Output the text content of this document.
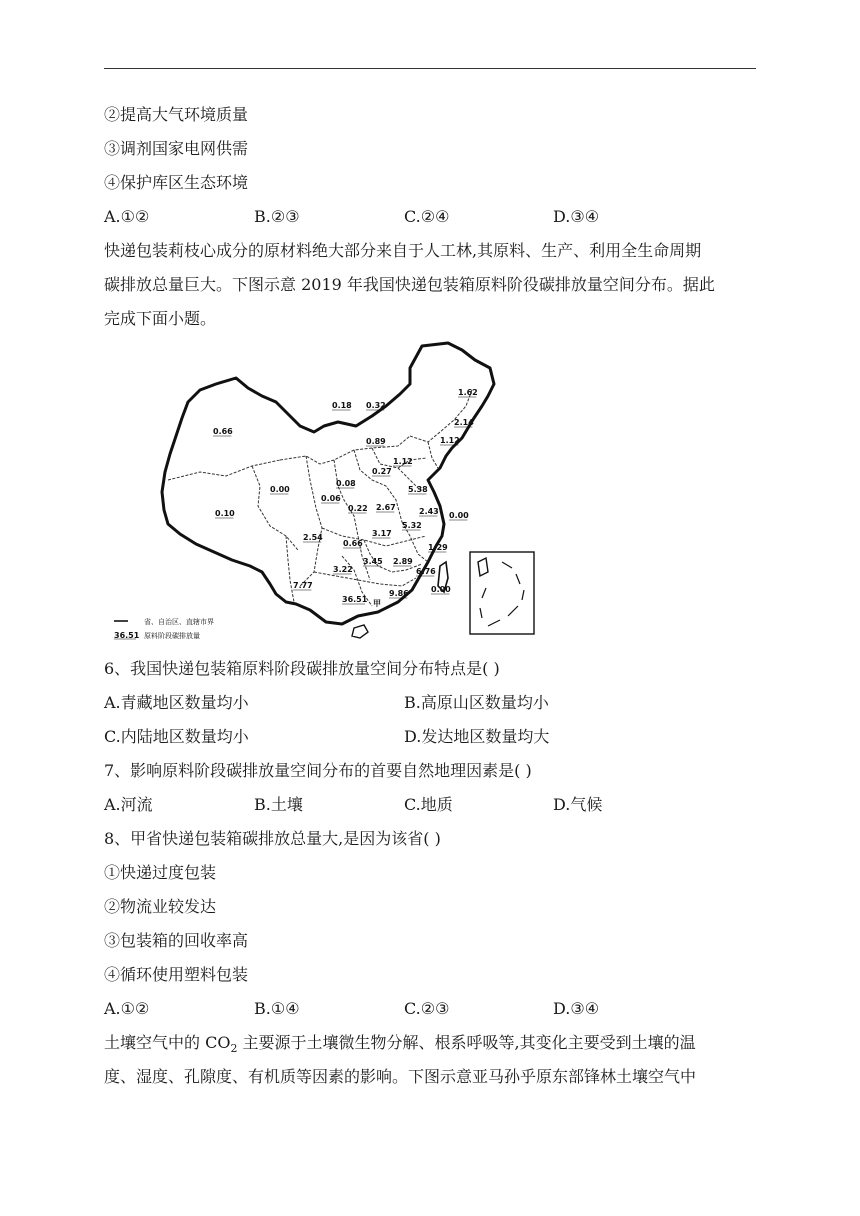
②提高大气环境质量
③调剂国家电网供需
④保护库区生态环境
A.①②	B.②③	C.②④	D.③④
快递包装莉枝心成分的原材料绝大部分来自于人工林,其原料、生产、利用全生命周期
碳排放总量巨大。下图示意 2019 年我国快递包装箱原料阶役碳排放量空间分布。据此
完成下面小题。
1.62
2.14
1.12
0.18 0.32
0.89
0.66
1.12
0.27
5.38
0.00
0.06
0.08
0.22 2.67	2.43 0.00
0.10
5.32
3.17
0.66
2.54
1.29
3.22
3.45 2.89
6.76
7.77
9.86
36.51 甲
0.00
省、自治区、直辖市界
36.51 原料阶段碳排放量
6、我国快递包装箱原料阶段碳排放量空间分布特点是( )
A.青藏地区数量均小	B.高原山区数量均小
C.内陆地区数量均小	D.发达地区数量均大
7、影响原料阶段碳排放量空间分布的首要自然地理因素是( )
A.河流	B.土壤	C.地质	D.气候
8、甲省快递包装箱碳排放总量大,是因为该省( )
①快递过度包装
②物流业较发达
③包装箱的回收率高
④循环使用塑料包装
A.①②	B.①④	C.②③	D.③④
土壤空气中的 $CO_2$ 主要源于土壤微生物分解、根系呼吸等,其变化主要受到土壤的温
度、湿度、孔隙度、有机质等因素的影响。下图示意亚马孙乎原东部锋林土壤空气中
